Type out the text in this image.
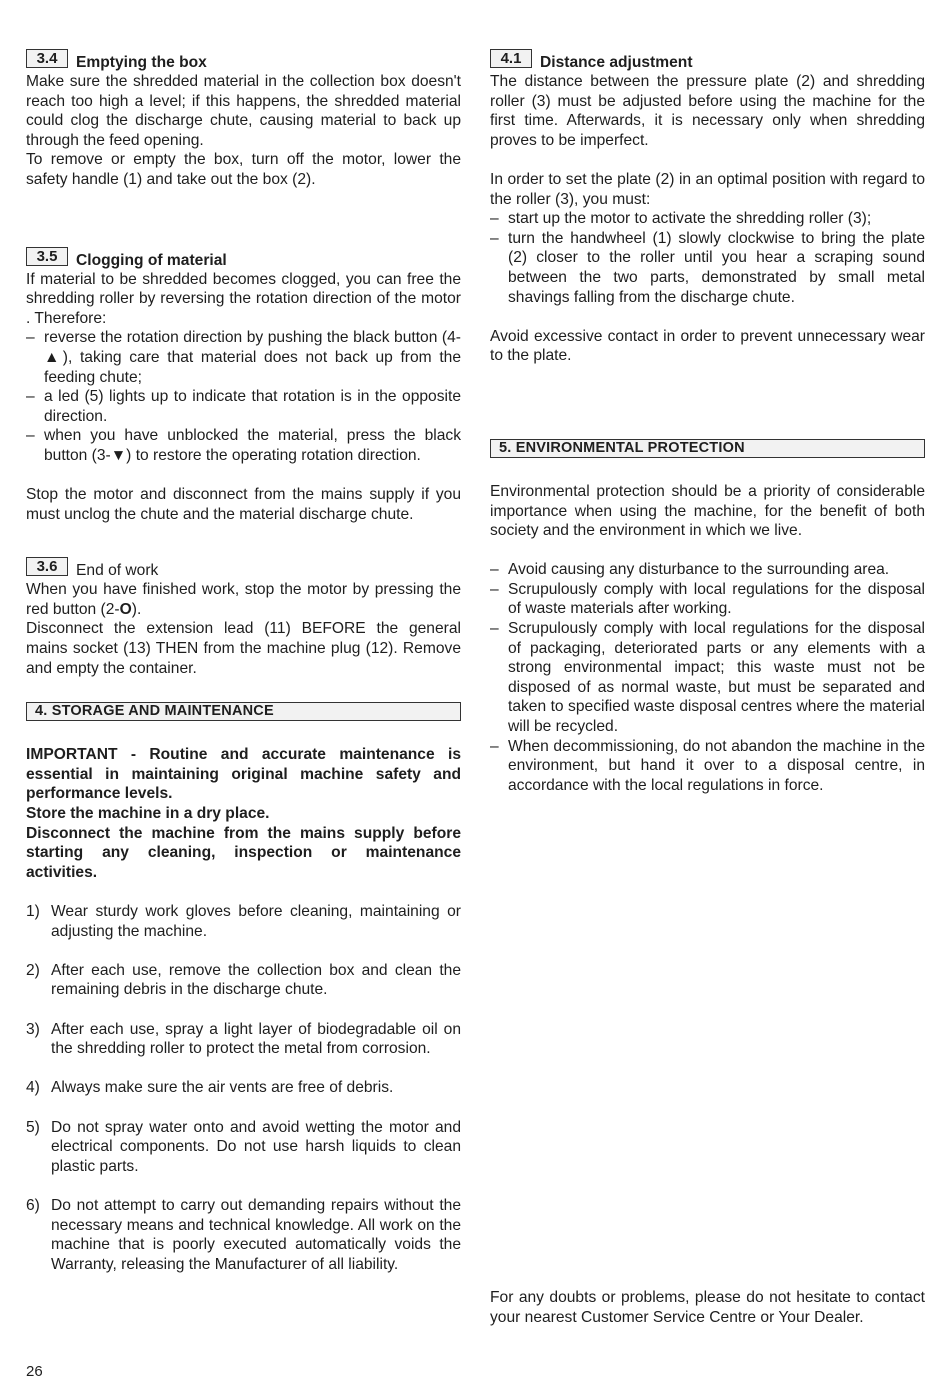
3.4	Emptying the box

Make sure the shredded material in the collection box doesn't reach too high a level; if this happens, the shredded material could clog the discharge chute, causing material to back up through the feed opening.

To remove or empty the box, turn off the motor, lower the safety handle (1) and take out the box (2).

3.5	Clogging of material

If material to be shredded becomes clogged, you can free the shredding roller by reversing the rotation direction of the motor . Therefore:

– reverse the rotation direction by pushing the black button (4-▲), taking care that material does not back up from the feeding chute;
– a led (5) lights up to indicate that rotation is in the opposite direction.
– when you have unblocked the material, press the black button (3-▼) to restore the operating rotation direction.

Stop the motor and disconnect from the mains supply if you must unclog the chute and the material discharge chute.

3.6	End of work

When you have finished work, stop the motor by pressing the red button (2-O).

Disconnect the extension lead (11) BEFORE the general mains socket (13) THEN from the machine plug (12). Remove and empty the container.

4. STORAGE AND MAINTENANCE

IMPORTANT - Routine and accurate maintenance is essential in maintaining original machine safety and performance levels.

Store the machine in a dry place.

Disconnect the machine from the mains supply before starting any cleaning, inspection or maintenance activities.

1) Wear sturdy work gloves before cleaning, maintaining or adjusting the machine.
2) After each use, remove the collection box and clean the remaining debris in the discharge chute.
3) After each use, spray a light layer of biodegradable oil on the shredding roller to protect the metal from corrosion.
4) Always make sure the air vents are free of debris.
5) Do not spray water onto and avoid wetting the motor and electrical components. Do not use harsh liquids to clean plastic parts.
6) Do not attempt to carry out demanding repairs without the necessary means and technical knowledge. All work on the machine that is poorly executed automatically voids the Warranty, releasing the Manufacturer of all liability.
4.1	Distance adjustment

The distance between the pressure plate (2) and shredding roller (3) must be adjusted before using the machine for the first time. Afterwards, it is necessary only when shredding proves to be imperfect.

In order to set the plate (2) in an optimal position with regard to the roller (3), you must:

– start up the motor to activate the shredding roller (3);
– turn the handwheel (1) slowly clockwise to bring the plate (2) closer to the roller until you hear a scraping sound between the two parts, demonstrated by small metal shavings falling from the discharge chute.

Avoid excessive contact in order to prevent unnecessary wear to the plate.

5. ENVIRONMENTAL PROTECTION

Environmental protection should be a priority of considerable importance when using the machine, for the benefit of both society and the environment in which we live.

– Avoid causing any disturbance to the surrounding area.
– Scrupulously comply with local regulations for the disposal of waste materials after working.
– Scrupulously comply with local regulations for the disposal of packaging, deteriorated parts or any elements with a strong environmental impact; this waste must not be disposed of as normal waste, but must be separated and taken to specified waste disposal centres where the material will be recycled.
– When decommissioning, do not abandon the machine in the environment, but hand it over to a disposal centre, in accordance with the local regulations in force.

For any doubts or problems, please do not hesitate to contact your nearest Customer Service Centre or Your Dealer.

26
